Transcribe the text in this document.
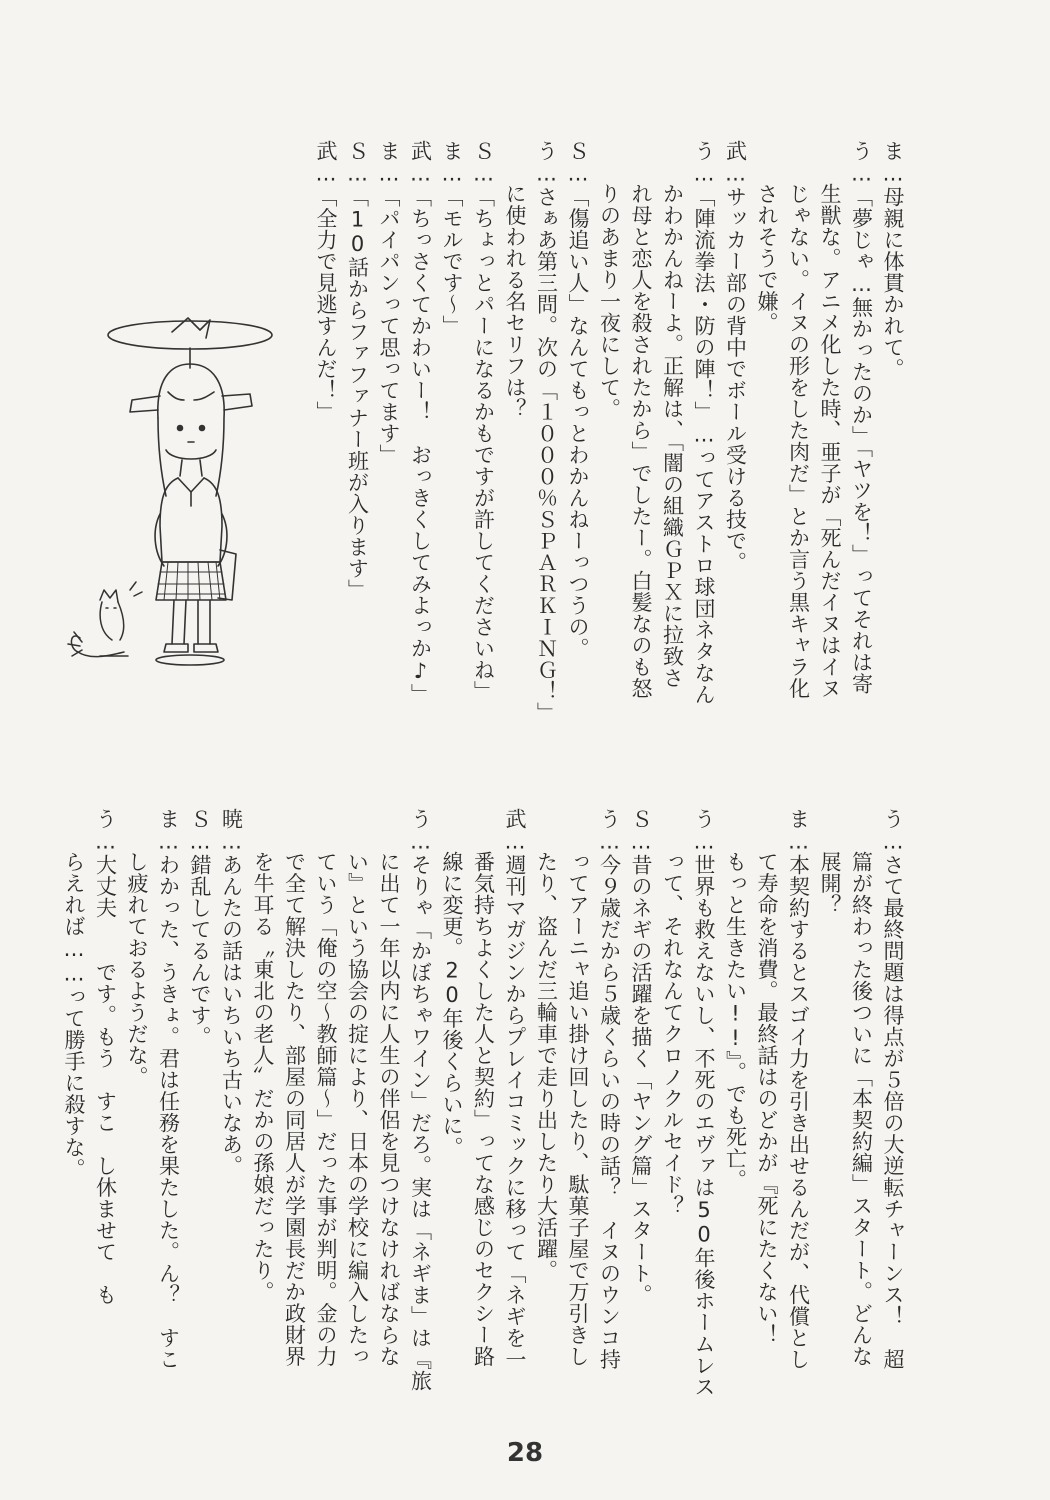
ま…母親に体貫かれて。
う…「夢じゃ…無かったのか」「ヤツを！」ってそれは寄
　　生獣な。アニメ化した時、亜子が「死んだイヌはイヌ
　　じゃない。イヌの形をした肉だ」とか言う黒キャラ化
　　されそうで嫌。
武…サッカー部の背中でボール受ける技で。
う…「陣流拳法・防の陣！」…ってアストロ球団ネタなん
　　かわかんねーよ。正解は、「闇の組織ＧＰＸに拉致さ
　　れ母と恋人を殺されたから」でしたー。白髪なのも怒
　　りのあまり一夜にして。
Ｓ…「傷追い人」なんてもっとわかんねーっつうの。
う…さぁあ第三問。次の「１０００％ＳＰＡＲＫＩＮＧ！」
　　に使われる名セリフは？
Ｓ…「ちょっとパーになるかもですが許してくださいね」
ま…「モルです～」
武…「ちっさくてかわいー！　おっきくしてみよっか♪」
ま…「パイパンって思ってます」
Ｓ…「10話からファファナー班が入ります」
武…「全力で見逃すんだ！」
う…さて最終問題は得点が５倍の大逆転チャーンス！　超
　　篇が終わった後ついに「本契約編」スタート。どんな
　　展開？
ま…本契約するとスゴイ力を引き出せるんだが、代償とし
　　て寿命を消費。最終話はのどかが『死にたくない！
　　もっと生きたい!!』。でも死亡。
う…世界も救えないし、不死のエヴァは50年後ホームレス
　　って、それなんてクロノクルセイド？
Ｓ…昔のネギの活躍を描く「ヤング篇」スタート。
う…今９歳だから５歳くらいの時の話？　イヌのウンコ持
　　ってアーニャ追い掛け回したり、駄菓子屋で万引きし
　　たり、盗んだ三輪車で走り出したり大活躍。
武…週刊マガジンからプレイコミックに移って「ネギを一
　　番気持ちよくした人と契約」ってな感じのセクシー路
　　線に変更。20年後くらいに。
う…そりゃ「かぼちゃワイン」だろ。実は「ネギま」は『旅
　　に出て一年以内に人生の伴侶を見つけなければならな
　　い』という協会の掟により、日本の学校に編入したっ
　　ていう「俺の空～教師篇～」だった事が判明。金の力
　　で全て解決したり、部屋の同居人が学園長だか政財界
　　を牛耳る〝東北の老人〟だかの孫娘だったり。
暁…あんたの話はいちいち古いなあ。
Ｓ…錯乱してるんです。
ま…わかった、うきょ。君は任務を果たした。ん？　すこ
　　し疲れておるようだな。
う…大丈夫　　です。もう　すこ　し休ませて　も
　　らえれば……って勝手に殺すな。
28
